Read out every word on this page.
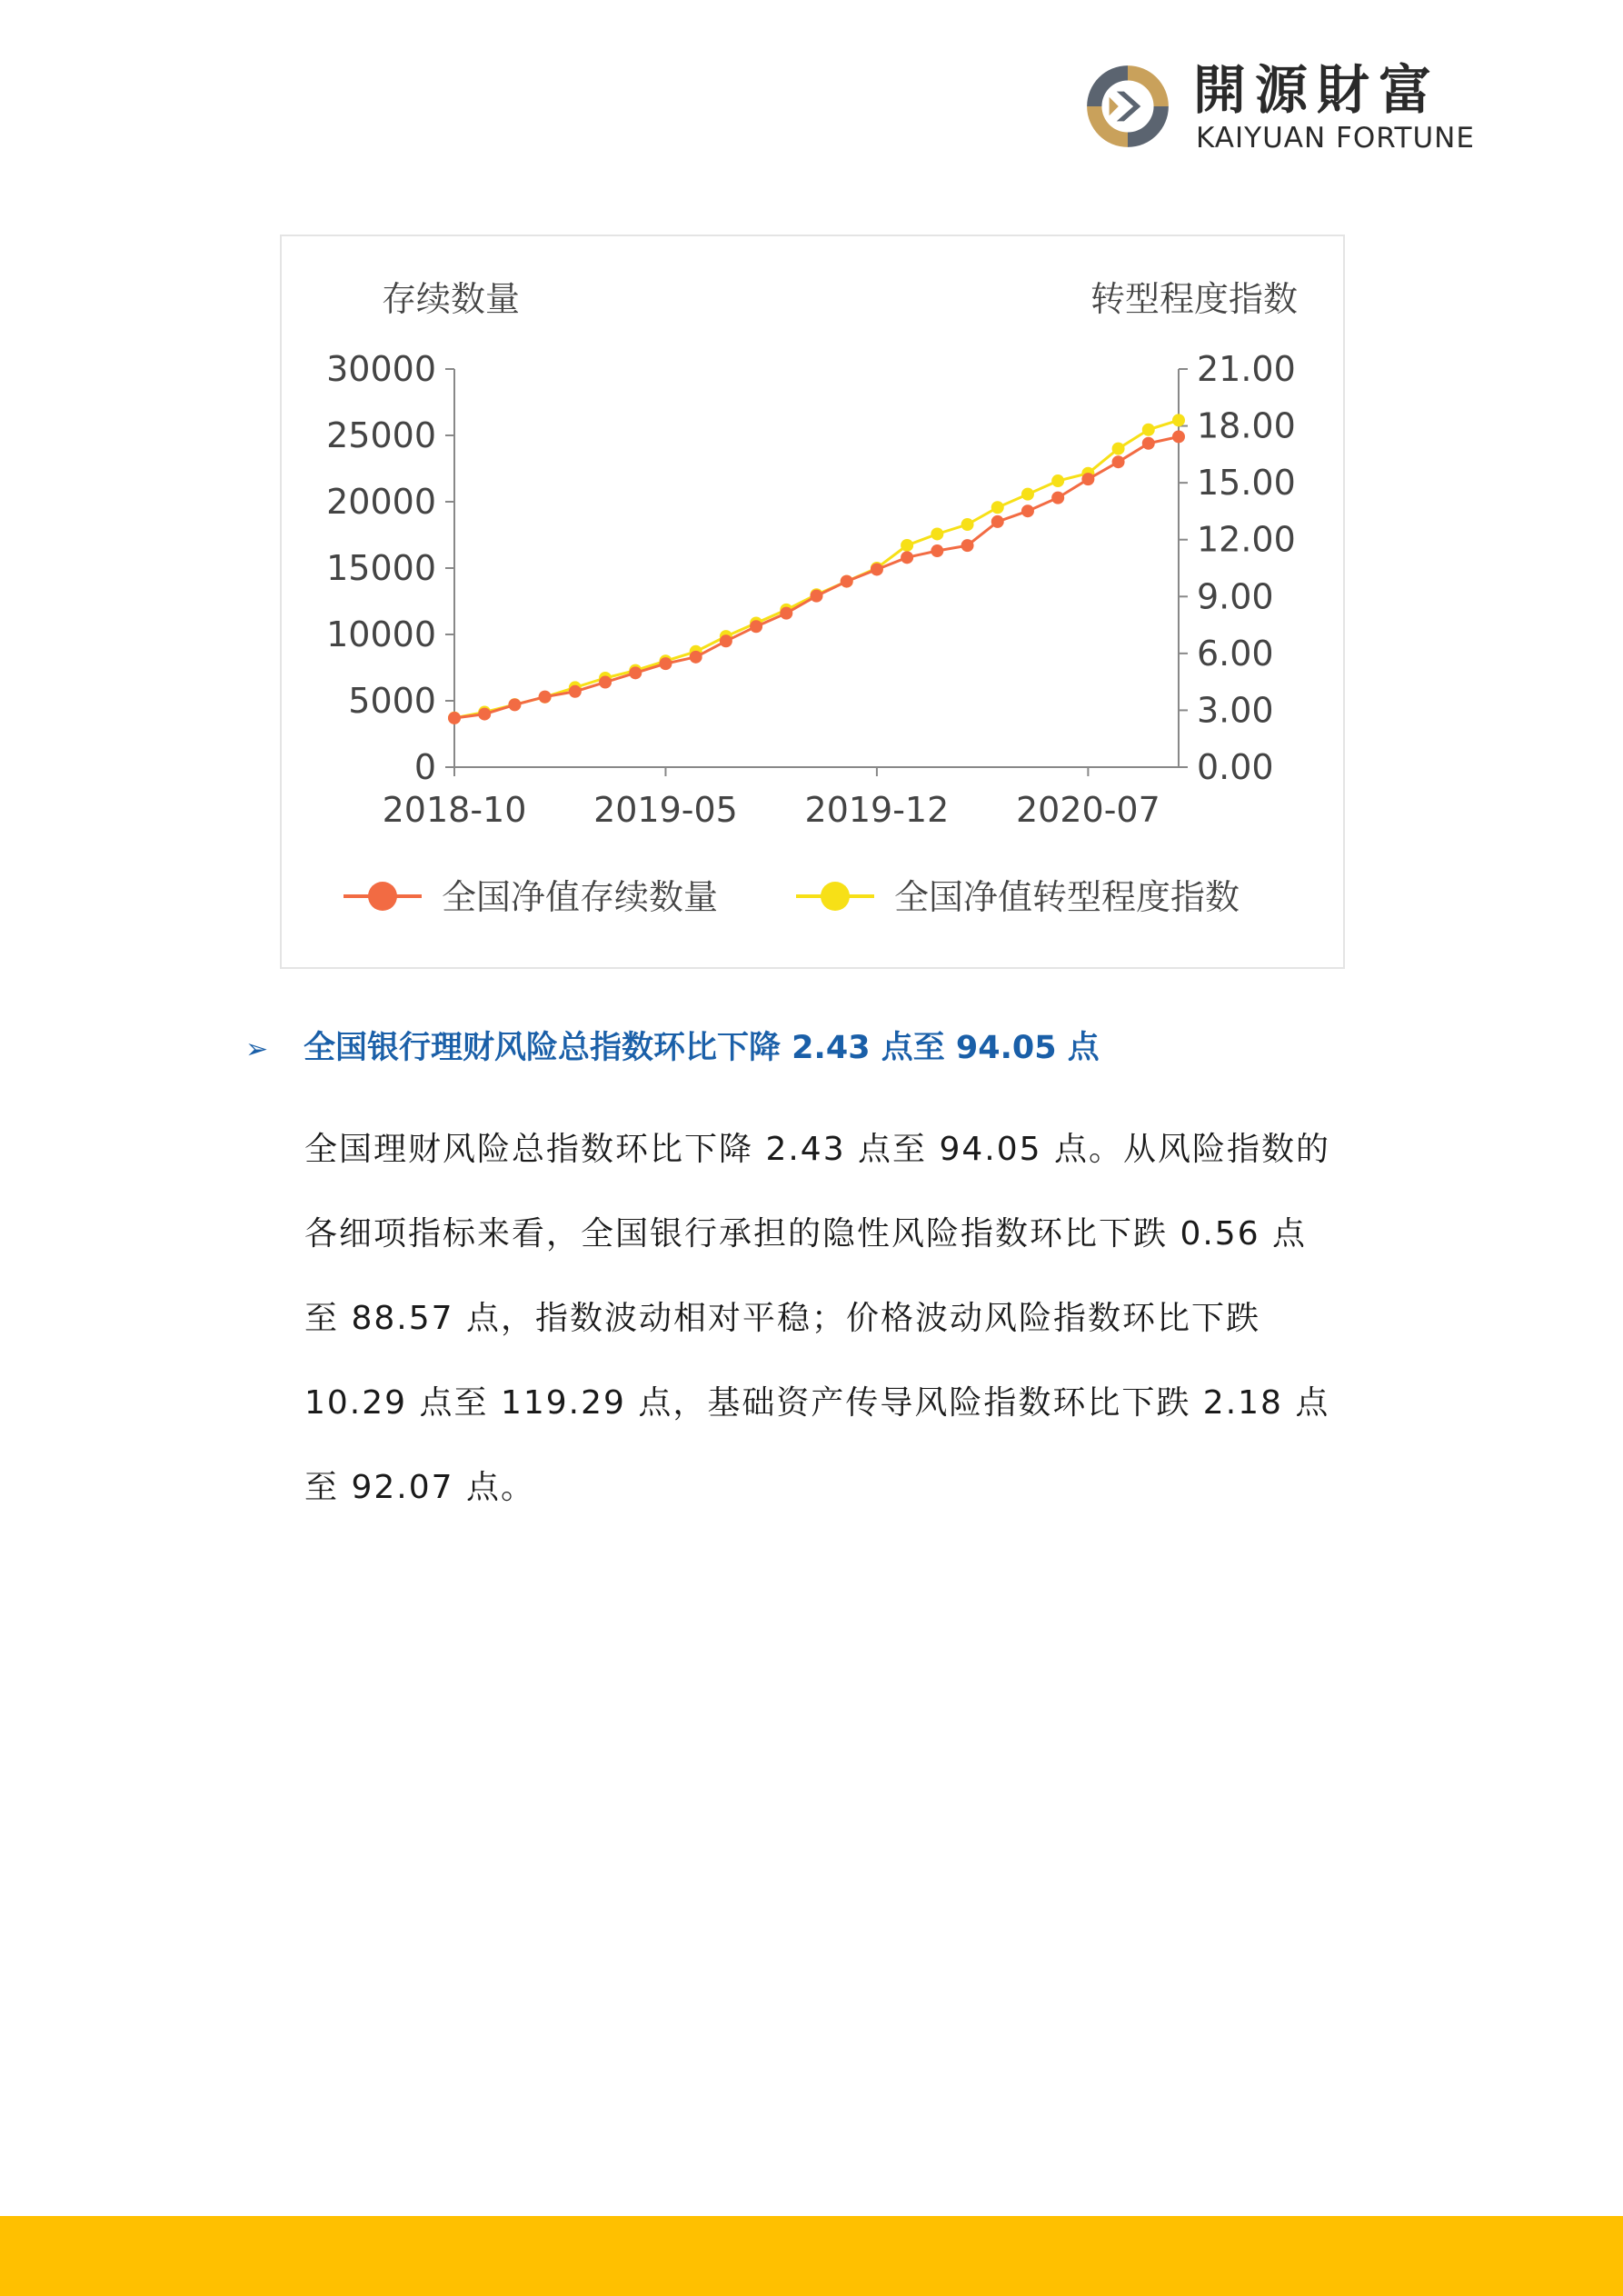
開源財富
KAIYUAN FORTUNE
存续数量	转型程度指数
30000
25000
20000
15000
10000
5000
0
21.00
18.00
15.00
12.00
9.00
6.00
3.00
0.00
2018-10 2019-05 2019-12 2020-07
全国净值存续数量	全国净值转型程度指数
➢ 全国银行理财风险总指数环比下降 2.43 点至 94.05 点
全国理财风险总指数环比下降 2.43 点至 94.05 点。从风险指数的
各细项指标来看，全国银行承担的隐性风险指数环比下跌 0.56 点
至 88.57 点，指数波动相对平稳；价格波动风险指数环比下跌
10.29 点至 119.29 点，基础资产传导风险指数环比下跌 2.18 点
至 92.07 点。
